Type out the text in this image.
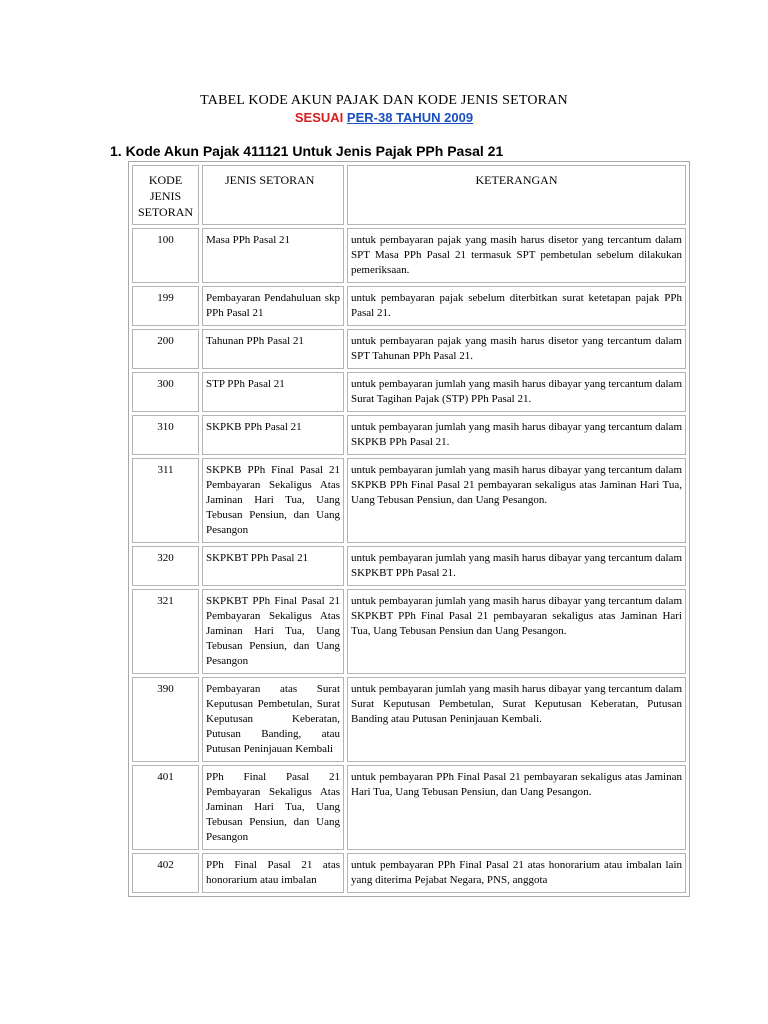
TABEL KODE AKUN PAJAK DAN KODE JENIS SETORAN
SESUAI PER-38 TAHUN 2009
1. Kode Akun Pajak 411121 Untuk Jenis Pajak PPh Pasal 21
KODE JENIS SETORAN	JENIS SETORAN	KETERANGAN
100	Masa PPh Pasal 21	untuk pembayaran pajak yang masih harus disetor yang tercantum dalam SPT Masa PPh Pasal 21 termasuk SPT pembetulan sebelum dilakukan pemeriksaan.
199	Pembayaran Pendahuluan skp PPh Pasal 21	untuk pembayaran pajak sebelum diterbitkan surat ketetapan pajak PPh Pasal 21.
200	Tahunan PPh Pasal 21	untuk pembayaran pajak yang masih harus disetor yang tercantum dalam SPT Tahunan PPh Pasal 21.
300	STP PPh Pasal 21	untuk pembayaran jumlah yang masih harus dibayar yang tercantum dalam Surat Tagihan Pajak (STP) PPh Pasal 21.
310	SKPKB PPh Pasal 21	untuk pembayaran jumlah yang masih harus dibayar yang tercantum dalam SKPKB PPh Pasal 21.
311	SKPKB PPh Final Pasal 21 Pembayaran Sekaligus Atas Jaminan Hari Tua, Uang Tebusan Pensiun, dan Uang Pesangon	untuk pembayaran jumlah yang masih harus dibayar yang tercantum dalam SKPKB PPh Final Pasal 21 pembayaran sekaligus atas Jaminan Hari Tua, Uang Tebusan Pensiun, dan Uang Pesangon.
320	SKPKBT PPh Pasal 21	untuk pembayaran jumlah yang masih harus dibayar yang tercantum dalam SKPKBT PPh Pasal 21.
321	SKPKBT PPh Final Pasal 21 Pembayaran Sekaligus Atas Jaminan Hari Tua, Uang Tebusan Pensiun, dan Uang Pesangon	untuk pembayaran jumlah yang masih harus dibayar yang tercantum dalam SKPKBT PPh Final Pasal 21 pembayaran sekaligus atas Jaminan Hari Tua, Uang Tebusan Pensiun dan Uang Pesangon.
390	Pembayaran atas Surat Keputusan Pembetulan, Surat Keputusan Keberatan, Putusan Banding, atau Putusan Peninjauan Kembali	untuk pembayaran jumlah yang masih harus dibayar yang tercantum dalam Surat Keputusan Pembetulan, Surat Keputusan Keberatan, Putusan Banding atau Putusan Peninjauan Kembali.
401	PPh Final Pasal 21 Pembayaran Sekaligus Atas Jaminan Hari Tua, Uang Tebusan Pensiun, dan Uang Pesangon	untuk pembayaran PPh Final Pasal 21 pembayaran sekaligus atas Jaminan Hari Tua, Uang Tebusan Pensiun, dan Uang Pesangon.
402	PPh Final Pasal 21 atas honorarium atau imbalan	untuk pembayaran PPh Final Pasal 21 atas honorarium atau imbalan lain yang diterima Pejabat Negara, PNS, anggota
